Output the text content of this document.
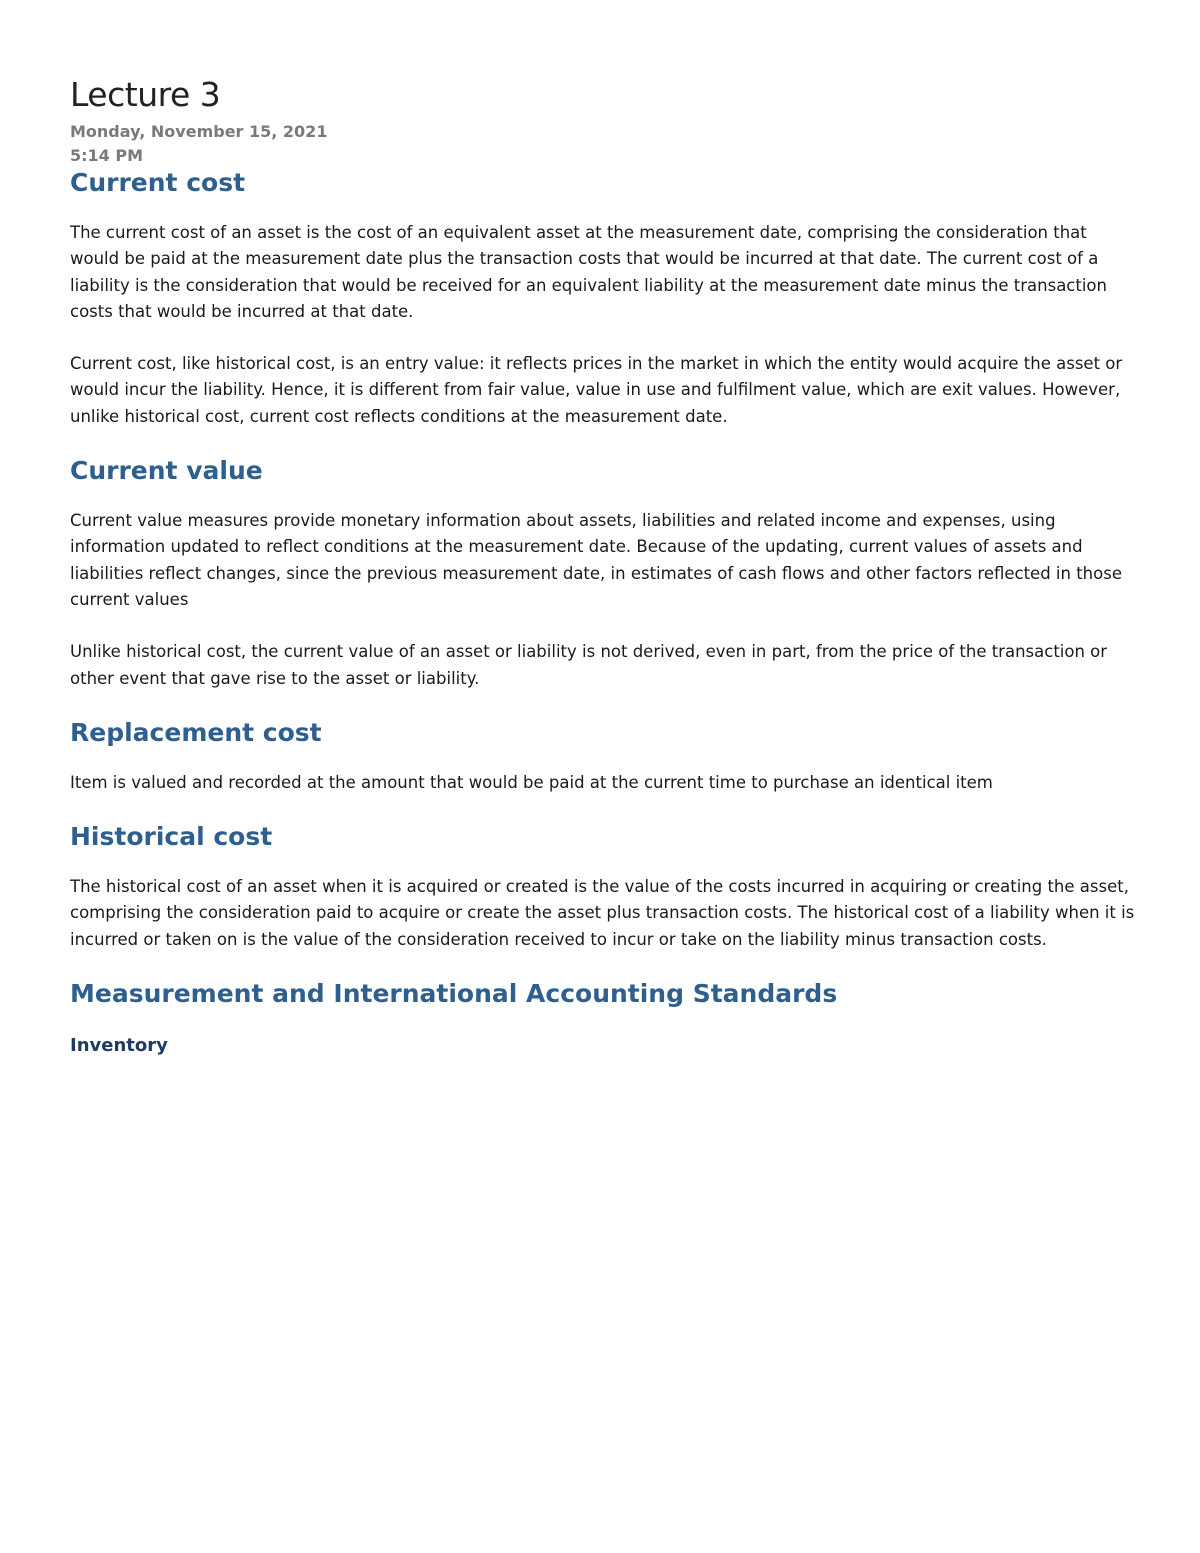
Lecture 3
Monday, November 15, 2021
5:14 PM
Current cost

The current cost of an asset is the cost of an equivalent asset at the measurement date, comprising the consideration that would be paid at the measurement date plus the transaction costs that would be incurred at that date. The current cost of a liability is the consideration that would be received for an equivalent liability at the measurement date minus the transaction costs that would be incurred at that date.

Current cost, like historical cost, is an entry value: it reflects prices in the market in which the entity would acquire the asset or would incur the liability. Hence, it is different from fair value, value in use and fulfilment value, which are exit values. However, unlike historical cost, current cost reflects conditions at the measurement date.

Current value

Current value measures provide monetary information about assets, liabilities and related income and expenses, using information updated to reflect conditions at the measurement date. Because of the updating, current values of assets and liabilities reflect changes, since the previous measurement date, in estimates of cash flows and other factors reflected in those current values

Unlike historical cost, the current value of an asset or liability is not derived, even in part, from the price of the transaction or other event that gave rise to the asset or liability.

Replacement cost

Item is valued and recorded at the amount that would be paid at the current time to purchase an identical item

Historical cost

The historical cost of an asset when it is acquired or created is the value of the costs incurred in acquiring or creating the asset, comprising the consideration paid to acquire or create the asset plus transaction costs. The historical cost of a liability when it is incurred or taken on is the value of the consideration received to incur or take on the liability minus transaction costs.

Measurement and International Accounting Standards
Inventory
